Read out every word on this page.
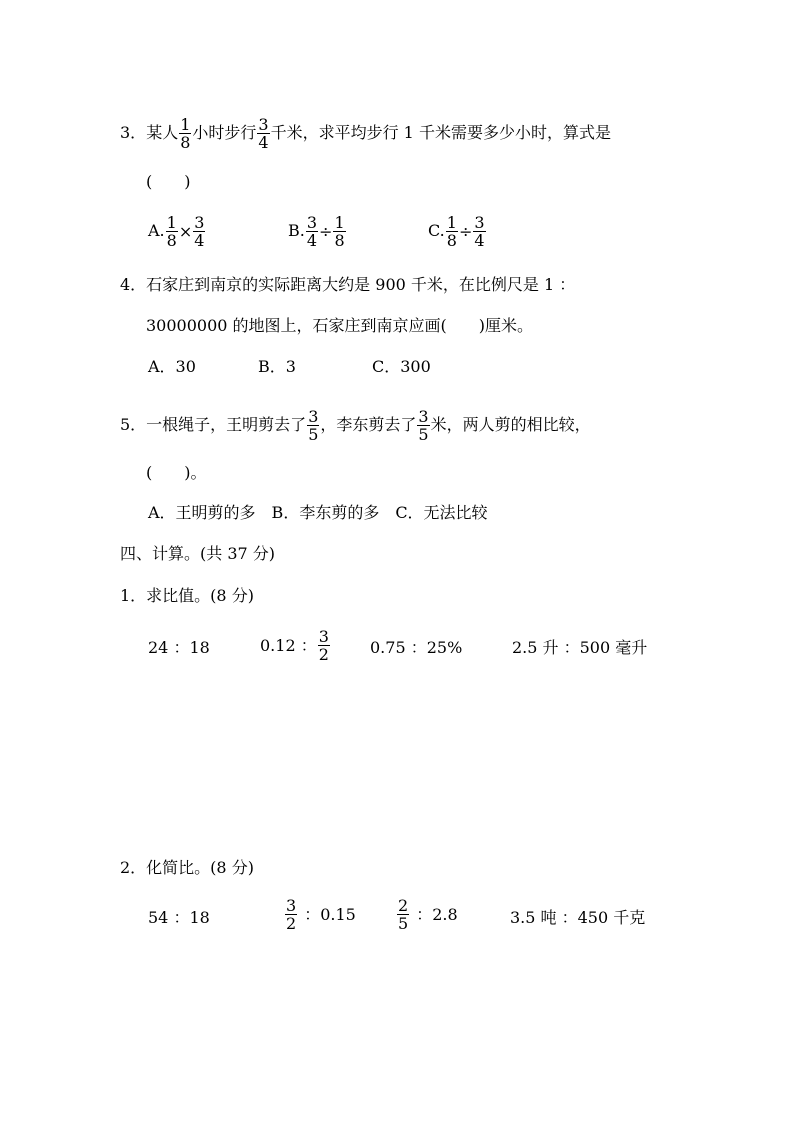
3．某人 $\frac{1}{8}$ 小时步行 $\frac{3}{4}$ 千米，求平均步行 1 千米需要多少小时，算式是
(　　)
A. $\frac{1}{8} \times \frac{3}{4}$	B. $\frac{3}{4} \div \frac{1}{8}$	C. $\frac{1}{8} \div \frac{3}{4}$
4．石家庄到南京的实际距离大约是 900 千米，在比例尺是 1 ：
30000000 的地图上，石家庄到南京应画(　　)厘米。
A．30	B．3	C．300
5．一根绳子，王明剪去了 $\frac{3}{5}$ ，李东剪去了 $\frac{3}{5}$ 米，两人剪的相比较，
(　　)。
A．王明剪的多　B．李东剪的多　C．无法比较
四、计算。(共 37 分)
1．求比值。(8 分)
24 ：18	0.12 ： $\frac{3}{2}$	0.75 ：25%	2.5 升 ：500 毫升
2．化简比。(8 分)
54 ：18	$\frac{3}{2}$ ：0.15	$\frac{2}{5}$ ：2.8	3.5 吨 ：450 千克
